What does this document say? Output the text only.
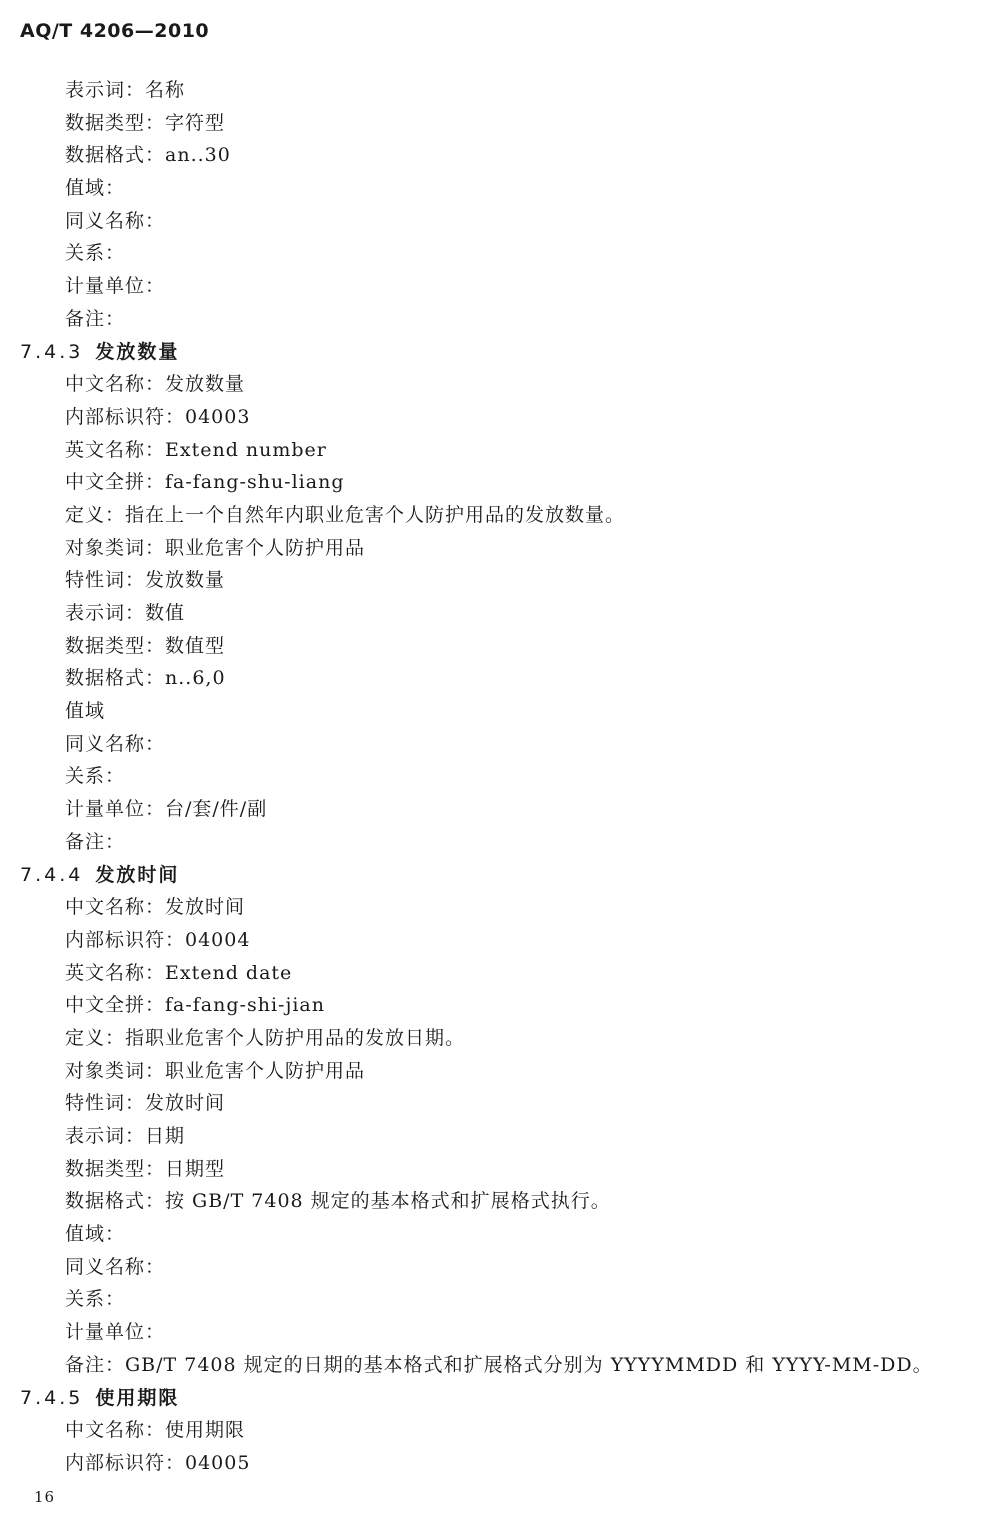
AQ/T 4206—2010
表示词：名称
数据类型：字符型
数据格式：an..30
值域：
同义名称：
关系：
计量单位：
备注：
7.4.3 发放数量
中文名称：发放数量
内部标识符：04003
英文名称：Extend number
中文全拼：fa-fang-shu-liang
定义：指在上一个自然年内职业危害个人防护用品的发放数量。
对象类词：职业危害个人防护用品
特性词：发放数量
表示词：数值
数据类型：数值型
数据格式：n..6,0
值域
同义名称：
关系：
计量单位：台/套/件/副
备注：
7.4.4 发放时间
中文名称：发放时间
内部标识符：04004
英文名称：Extend date
中文全拼：fa-fang-shi-jian
定义：指职业危害个人防护用品的发放日期。
对象类词：职业危害个人防护用品
特性词：发放时间
表示词：日期
数据类型：日期型
数据格式：按 GB/T 7408 规定的基本格式和扩展格式执行。
值域：
同义名称：
关系：
计量单位：
备注：GB/T 7408 规定的日期的基本格式和扩展格式分别为 YYYYMMDD 和 YYYY-MM-DD。
7.4.5 使用期限
中文名称：使用期限
内部标识符：04005
16
